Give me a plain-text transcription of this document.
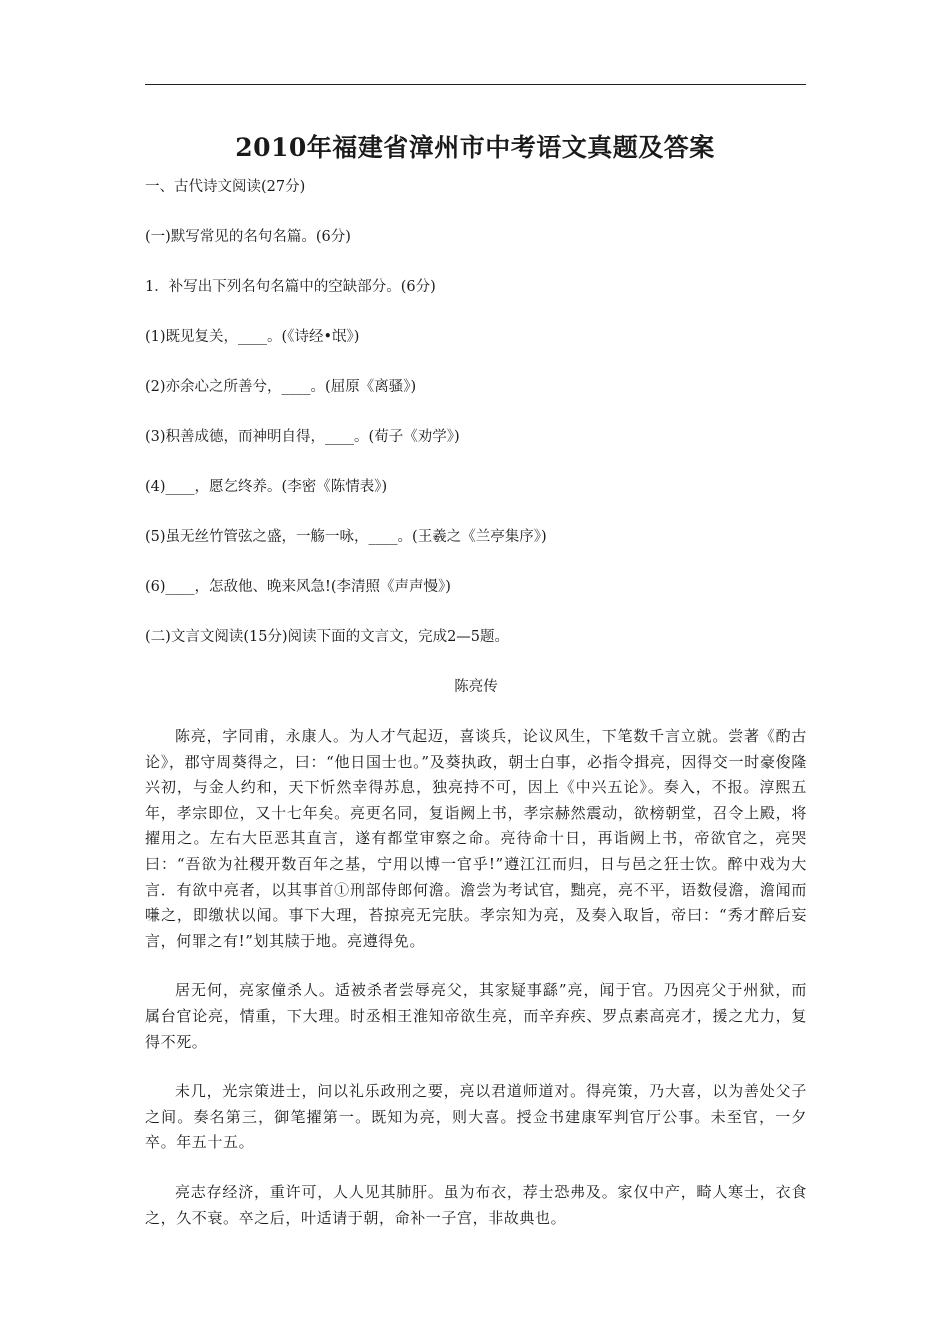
2010年福建省漳州市中考语文真题及答案
一、古代诗文阅读(27分)
(一)默写常见的名句名篇。(6分)
1．补写出下列名句名篇中的空缺部分。(6分)
(1)既见复关，____。(《诗经•氓》)
(2)亦余心之所善兮，____。(屈原《离骚》)
(3)积善成德，而神明自得，____。(荀子《劝学》)
(4)____，愿乞终养。(李密《陈情表》)
(5)虽无丝竹管弦之盛，一觞一咏，____。(王羲之《兰亭集序》)
(6)____，怎敌他、晚来风急!(李清照《声声慢》)
(二)文言文阅读(15分)阅读下面的文言文，完成2—5题。
陈亮传

陈亮，字同甫，永康人。为人才气起迈，喜谈兵，论议风生，下笔数千言立就。尝著《酌古论》，郡守周葵得之，曰：“他日国士也。”及葵执政，朝士白事，必指令揖亮，因得交一时豪俊隆兴初，与金人约和，天下忻然幸得苏息，独亮持不可，因上《中兴五论》。奏入，不报。淳熙五年，孝宗即位，又十七年矣。亮更名同，复诣阙上书，孝宗赫然震动，欲榜朝堂，召令上殿，将擢用之。左右大臣恶其直言，遂有都堂审察之命。亮待命十日，再诣阙上书，帝欲官之，亮哭曰：“吾欲为社稷开数百年之基，宁用以博一官乎!”遵江江而归，日与邑之狂士饮。醉中戏为大言．有欲中亮者，以其事首①刑部侍郎何澹。澹尝为考试官，黜亮，亮不平，语数侵澹，澹闻而嗛之，即缴状以闻。事下大理，苔掠亮无完肤。孝宗知为亮，及奏入取旨，帝曰：“秀才醉后妄言，何罪之有!”划其牍于地。亮遵得免。

居无何，亮家僮杀人。适被杀者尝辱亮父，其家疑事繇”亮，闻于官。乃因亮父于州狱，而属台官论亮，情重，下大理。时丞相王淮知帝欲生亮，而辛弃疾、罗点素高亮才，援之尤力，复得不死。

未几，光宗策进士，问以礼乐政刑之要，亮以君道师道对。得亮策，乃大喜，以为善处父子之间。奏名第三，御笔擢第一。既知为亮，则大喜。授佥书建康军判官厅公事。未至官，一夕卒。年五十五。

亮志存经济，重许可，人人见其肺肝。虽为布衣，荐士恐弗及。家仅中产，畸人寒士，衣食之，久不衰。卒之后，叶适请于朝，命补一子宫，非故典也。
